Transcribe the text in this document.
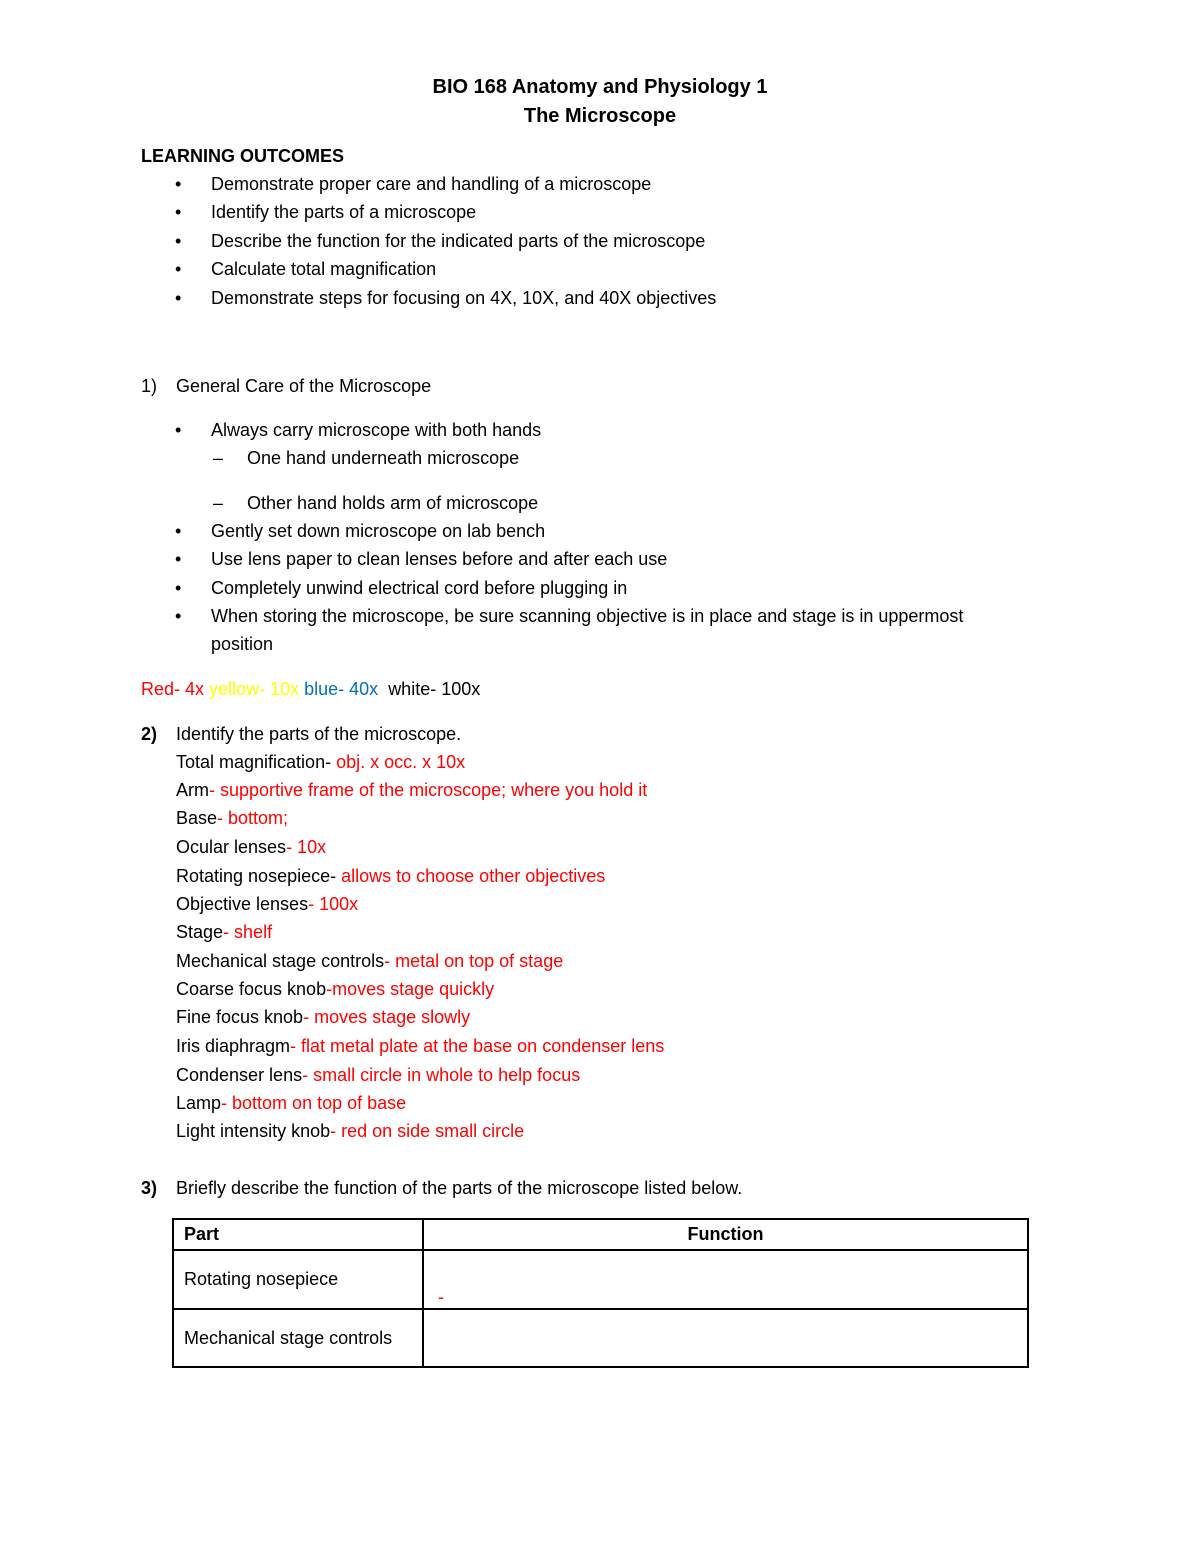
BIO 168 Anatomy and Physiology 1
The Microscope
LEARNING OUTCOMES
• Demonstrate proper care and handling of a microscope
• Identify the parts of a microscope
• Describe the function for the indicated parts of the microscope
• Calculate total magnification
• Demonstrate steps for focusing on 4X, 10X, and 40X objectives
1) General Care of the Microscope
• Always carry microscope with both hands
– One hand underneath microscope
– Other hand holds arm of microscope
• Gently set down microscope on lab bench
• Use lens paper to clean lenses before and after each use
• Completely unwind electrical cord before plugging in
• When storing the microscope, be sure scanning objective is in place and stage is in uppermost
position
Red- 4x yellow- 10x blue- 40x white- 100x
2) Identify the parts of the microscope.
Total magnification- obj. x occ. x 10x
Arm- supportive frame of the microscope; where you hold it
Base- bottom;
Ocular lenses- 10x
Rotating nosepiece- allows to choose other objectives
Objective lenses- 100x
Stage- shelf
Mechanical stage controls- metal on top of stage
Coarse focus knob-moves stage quickly
Fine focus knob- moves stage slowly
Iris diaphragm- flat metal plate at the base on condenser lens
Condenser lens- small circle in whole to help focus
Lamp- bottom on top of base
Light intensity knob- red on side small circle
3) Briefly describe the function of the parts of the microscope listed below.
Part	Function
Rotating nosepiece	-

Mechanical stage controls	
